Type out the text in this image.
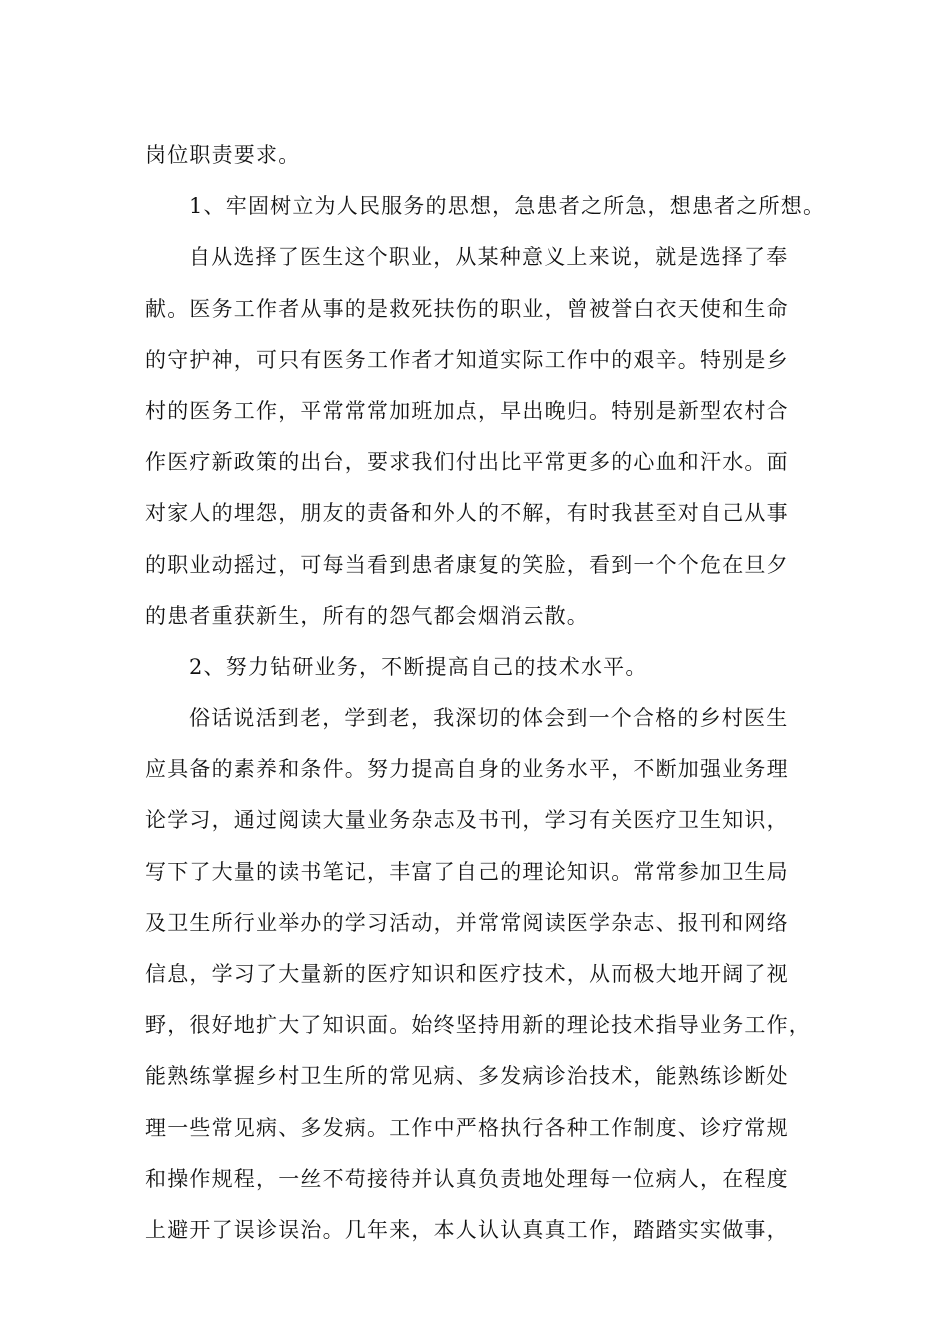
岗位职责要求。
1、牢固树立为人民服务的思想，急患者之所急，想患者之所想。
自从选择了医生这个职业，从某种意义上来说，就是选择了奉
献。医务工作者从事的是救死扶伤的职业，曾被誉白衣天使和生命
的守护神，可只有医务工作者才知道实际工作中的艰辛。特别是乡
村的医务工作，平常常常加班加点，早出晚归。特别是新型农村合
作医疗新政策的出台，要求我们付出比平常更多的心血和汗水。面
对家人的埋怨，朋友的责备和外人的不解，有时我甚至对自己从事
的职业动摇过，可每当看到患者康复的笑脸，看到一个个危在旦夕
的患者重获新生，所有的怨气都会烟消云散。
2、努力钻研业务，不断提高自己的技术水平。
俗话说活到老，学到老，我深切的体会到一个合格的乡村医生
应具备的素养和条件。努力提高自身的业务水平，不断加强业务理
论学习，通过阅读大量业务杂志及书刊，学习有关医疗卫生知识，
写下了大量的读书笔记，丰富了自己的理论知识。常常参加卫生局
及卫生所行业举办的学习活动，并常常阅读医学杂志、报刊和网络
信息，学习了大量新的医疗知识和医疗技术，从而极大地开阔了视
野，很好地扩大了知识面。始终坚持用新的理论技术指导业务工作，
能熟练掌握乡村卫生所的常见病、多发病诊治技术，能熟练诊断处
理一些常见病、多发病。工作中严格执行各种工作制度、诊疗常规
和操作规程，一丝不苟接待并认真负责地处理每一位病人，在程度
上避开了误诊误治。几年来，本人认认真真工作，踏踏实实做事，
